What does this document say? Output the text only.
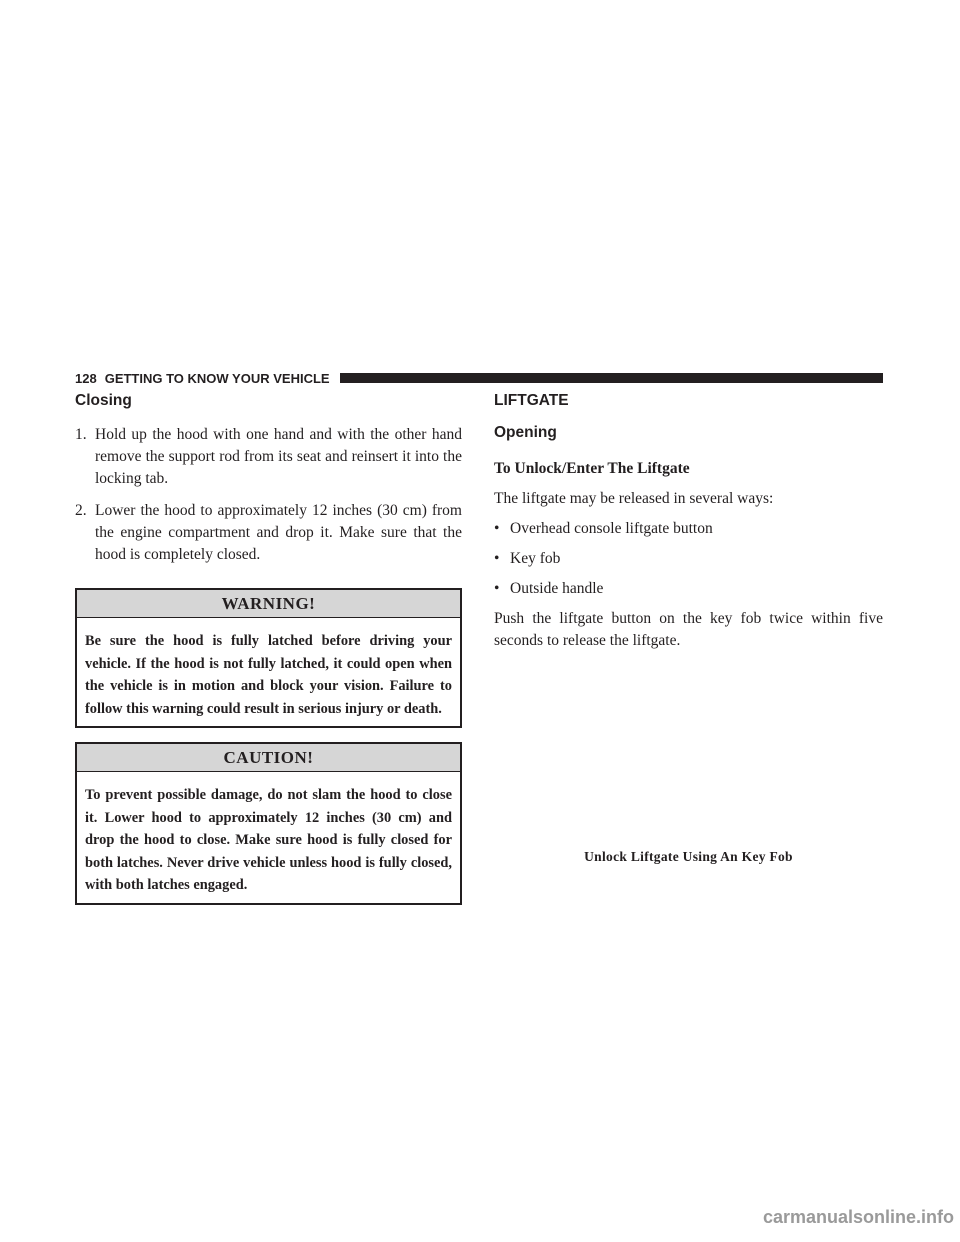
128 GETTING TO KNOW YOUR VEHICLE
Closing
1. Hold up the hood with one hand and with the other hand remove the support rod from its seat and reinsert it into the locking tab.
2. Lower the hood to approximately 12 inches (30 cm) from the engine compartment and drop it. Make sure that the hood is completely closed.
WARNING!
Be sure the hood is fully latched before driving your vehicle. If the hood is not fully latched, it could open when the vehicle is in motion and block your vision. Failure to follow this warning could result in serious injury or death.
CAUTION!
To prevent possible damage, do not slam the hood to close it. Lower hood to approximately 12 inches (30 cm) and drop the hood to close. Make sure hood is fully closed for both latches. Never drive vehicle unless hood is fully closed, with both latches engaged.
LIFTGATE
Opening

To Unlock/Enter The Liftgate

The liftgate may be released in several ways:

• Overhead console liftgate button
• Key fob
• Outside handle

Push the liftgate button on the key fob twice within five seconds to release the liftgate.

Unlock Liftgate Using An Key Fob
carmanualsonline.info
